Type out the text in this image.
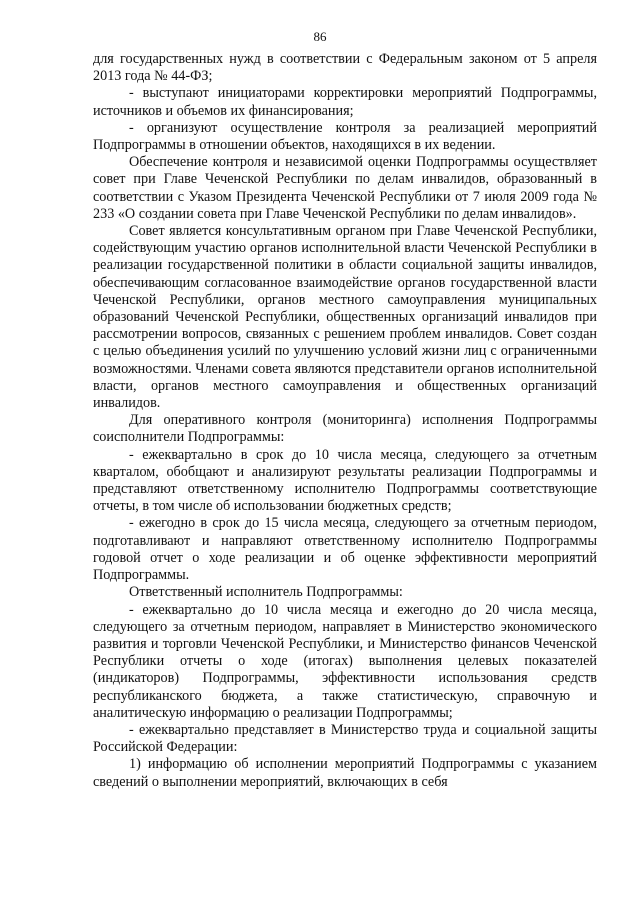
86

для государственных нужд в соответствии с Федеральным законом от 5 апреля 2013 года № 44-ФЗ;

- выступают инициаторами корректировки мероприятий Подпрограммы, источников и объемов их финансирования;

- организуют осуществление контроля за реализацией мероприятий Подпрограммы в отношении объектов, находящихся в их ведении.

Обеспечение контроля и независимой оценки Подпрограммы осуществляет совет при Главе Чеченской Республики по делам инвалидов, образованный в соответствии с Указом Президента Чеченской Республики от 7 июля 2009 года № 233 «О создании совета при Главе Чеченской Республики по делам инвалидов».

Совет является консультативным органом при Главе Чеченской Республики, содействующим участию органов исполнительной власти Чеченской Республики в реализации государственной политики в области социальной защиты инвалидов, обеспечивающим согласованное взаимодействие органов государственной власти Чеченской Республики, органов местного самоуправления муниципальных образований Чеченской Республики, общественных организаций инвалидов при рассмотрении вопросов, связанных с решением проблем инвалидов. Совет создан с целью объединения усилий по улучшению условий жизни лиц с ограниченными возможностями. Членами совета являются представители органов исполнительной власти, органов местного самоуправления и общественных организаций инвалидов.

Для оперативного контроля (мониторинга) исполнения Подпрограммы соисполнители Подпрограммы:

- ежеквартально в срок до 10 числа месяца, следующего за отчетным кварталом, обобщают и анализируют результаты реализации Подпрограммы и представляют ответственному исполнителю Подпрограммы соответствующие отчеты, в том числе об использовании бюджетных средств;

- ежегодно в срок до 15 числа месяца, следующего за отчетным периодом, подготавливают и направляют ответственному исполнителю Подпрограммы годовой отчет о ходе реализации и об оценке эффективности мероприятий Подпрограммы.

Ответственный исполнитель Подпрограммы:

- ежеквартально до 10 числа месяца и ежегодно до 20 числа месяца, следующего за отчетным периодом, направляет в Министерство экономического развития и торговли Чеченской Республики, и Министерство финансов Чеченской Республики отчеты о ходе (итогах) выполнения целевых показателей (индикаторов) Подпрограммы, эффективности использования средств республиканского бюджета, а также статистическую, справочную и аналитическую информацию о реализации Подпрограммы;

- ежеквартально представляет в Министерство труда и социальной защиты Российской Федерации:

1) информацию об исполнении мероприятий Подпрограммы с указанием сведений о выполнении мероприятий, включающих в себя
